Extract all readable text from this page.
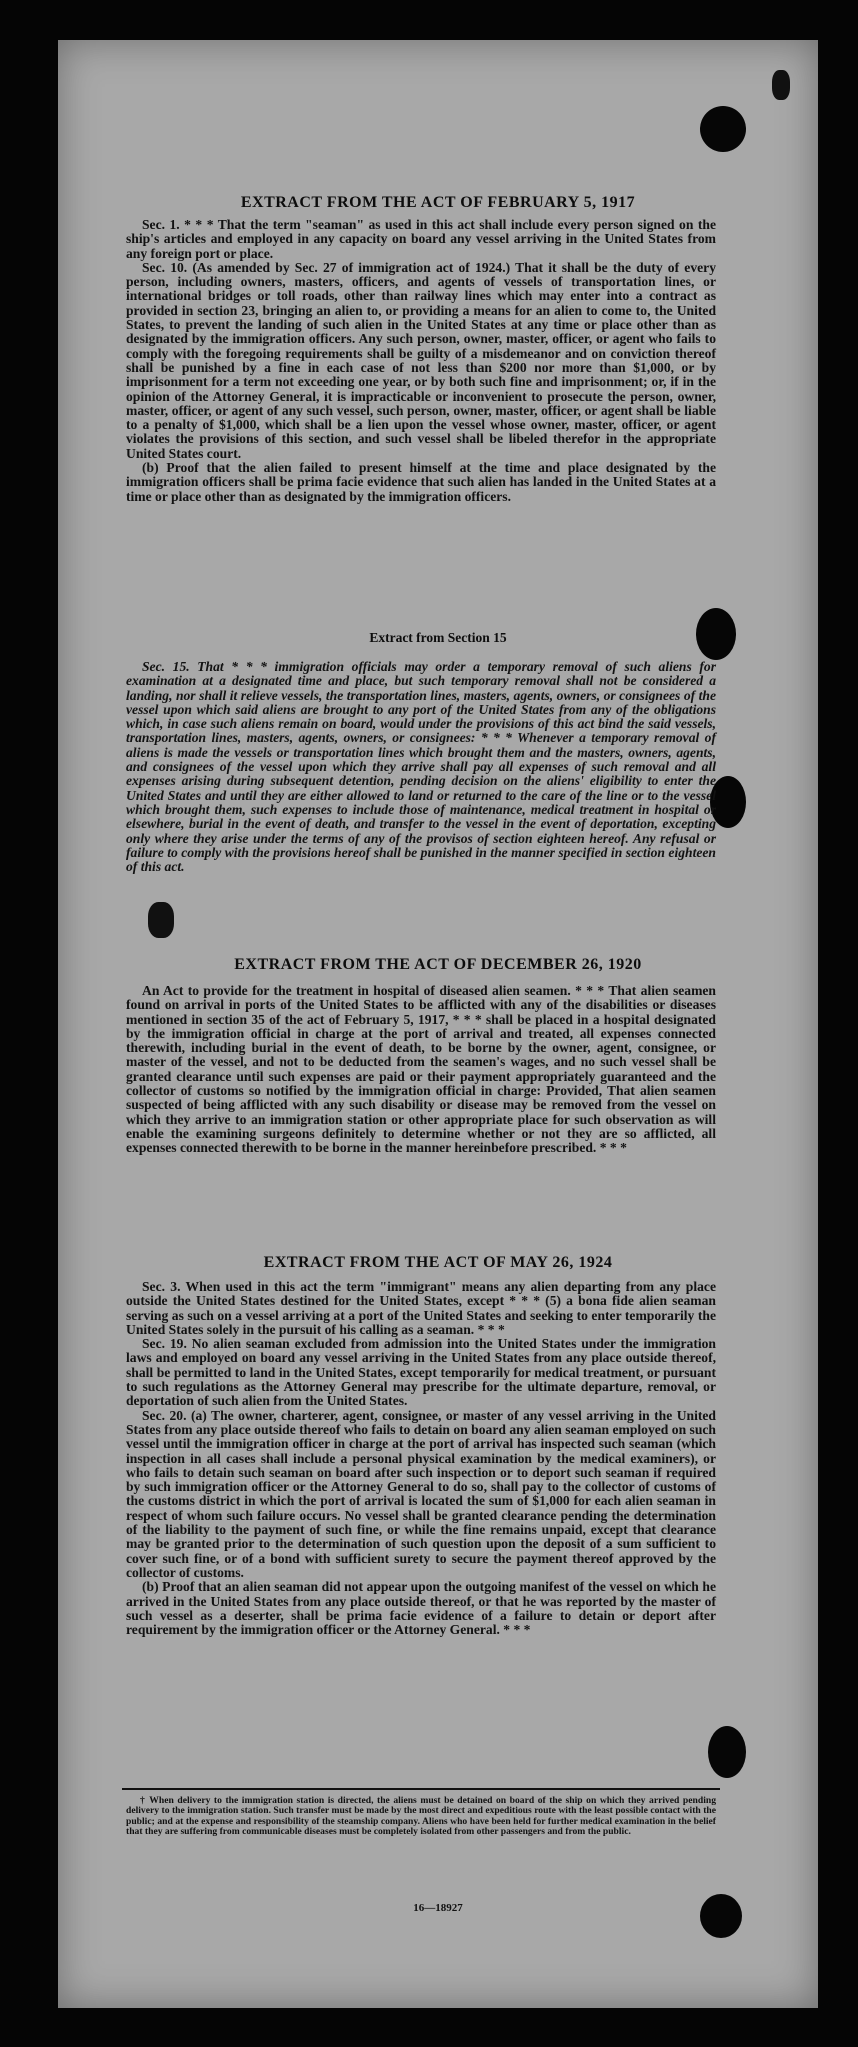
EXTRACT FROM THE ACT OF FEBRUARY 5, 1917

Sec. 1. * * * That the term "seaman" as used in this act shall include every person signed on the ship's articles and employed in any capacity on board any vessel arriving in the United States from any foreign port or place.

Sec. 10. (As amended by Sec. 27 of immigration act of 1924.) That it shall be the duty of every person, including owners, masters, officers, and agents of vessels of transportation lines, or international bridges or toll roads, other than railway lines which may enter into a contract as provided in section 23, bringing an alien to, or providing a means for an alien to come to, the United States, to prevent the landing of such alien in the United States at any time or place other than as designated by the immigration officers. Any such person, owner, master, officer, or agent who fails to comply with the foregoing requirements shall be guilty of a misdemeanor and on conviction thereof shall be punished by a fine in each case of not less than $200 nor more than $1,000, or by imprisonment for a term not exceeding one year, or by both such fine and imprisonment; or, if in the opinion of the Attorney General, it is impracticable or inconvenient to prosecute the person, owner, master, officer, or agent of any such vessel, such person, owner, master, officer, or agent shall be liable to a penalty of $1,000, which shall be a lien upon the vessel whose owner, master, officer, or agent violates the provisions of this section, and such vessel shall be libeled therefor in the appropriate United States court.

(b) Proof that the alien failed to present himself at the time and place designated by the immigration officers shall be prima facie evidence that such alien has landed in the United States at a time or place other than as designated by the immigration officers.

Extract from Section 15

Sec. 15. That * * * immigration officials may order a temporary removal of such aliens for examination at a designated time and place, but such temporary removal shall not be considered a landing, nor shall it relieve vessels, the transportation lines, masters, agents, owners, or consignees of the vessel upon which said aliens are brought to any port of the United States from any of the obligations which, in case such aliens remain on board, would under the provisions of this act bind the said vessels, transportation lines, masters, agents, owners, or consignees: * * * Whenever a temporary removal of aliens is made the vessels or transportation lines which brought them and the masters, owners, agents, and consignees of the vessel upon which they arrive shall pay all expenses of such removal and all expenses arising during subsequent detention, pending decision on the aliens' eligibility to enter the United States and until they are either allowed to land or returned to the care of the line or to the vessel which brought them, such expenses to include those of maintenance, medical treatment in hospital or elsewhere, burial in the event of death, and transfer to the vessel in the event of deportation, excepting only where they arise under the terms of any of the provisos of section eighteen hereof. Any refusal or failure to comply with the provisions hereof shall be punished in the manner specified in section eighteen of this act.

EXTRACT FROM THE ACT OF DECEMBER 26, 1920

An Act to provide for the treatment in hospital of diseased alien seamen. * * * That alien seamen found on arrival in ports of the United States to be afflicted with any of the disabilities or diseases mentioned in section 35 of the act of February 5, 1917, * * * shall be placed in a hospital designated by the immigration official in charge at the port of arrival and treated, all expenses connected therewith, including burial in the event of death, to be borne by the owner, agent, consignee, or master of the vessel, and not to be deducted from the seamen's wages, and no such vessel shall be granted clearance until such expenses are paid or their payment appropriately guaranteed and the collector of customs so notified by the immigration official in charge: Provided, That alien seamen suspected of being afflicted with any such disability or disease may be removed from the vessel on which they arrive to an immigration station or other appropriate place for such observation as will enable the examining surgeons definitely to determine whether or not they are so afflicted, all expenses connected therewith to be borne in the manner hereinbefore prescribed. * * *

EXTRACT FROM THE ACT OF MAY 26, 1924

Sec. 3. When used in this act the term "immigrant" means any alien departing from any place outside the United States destined for the United States, except * * * (5) a bona fide alien seaman serving as such on a vessel arriving at a port of the United States and seeking to enter temporarily the United States solely in the pursuit of his calling as a seaman. * * *

Sec. 19. No alien seaman excluded from admission into the United States under the immigration laws and employed on board any vessel arriving in the United States from any place outside thereof, shall be permitted to land in the United States, except temporarily for medical treatment, or pursuant to such regulations as the Attorney General may prescribe for the ultimate departure, removal, or deportation of such alien from the United States.

Sec. 20. (a) The owner, charterer, agent, consignee, or master of any vessel arriving in the United States from any place outside thereof who fails to detain on board any alien seaman employed on such vessel until the immigration officer in charge at the port of arrival has inspected such seaman (which inspection in all cases shall include a personal physical examination by the medical examiners), or who fails to detain such seaman on board after such inspection or to deport such seaman if required by such immigration officer or the Attorney General to do so, shall pay to the collector of customs of the customs district in which the port of arrival is located the sum of $1,000 for each alien seaman in respect of whom such failure occurs. No vessel shall be granted clearance pending the determination of the liability to the payment of such fine, or while the fine remains unpaid, except that clearance may be granted prior to the determination of such question upon the deposit of a sum sufficient to cover such fine, or of a bond with sufficient surety to secure the payment thereof approved by the collector of customs.

(b) Proof that an alien seaman did not appear upon the outgoing manifest of the vessel on which he arrived in the United States from any place outside thereof, or that he was reported by the master of such vessel as a deserter, shall be prima facie evidence of a failure to detain or deport after requirement by the immigration officer or the Attorney General. * * *

† When delivery to the immigration station is directed, the aliens must be detained on board of the ship on which they arrived pending delivery to the immigration station. Such transfer must be made by the most direct and expeditious route with the least possible contact with the public; and at the expense and responsibility of the steamship company. Aliens who have been held for further medical examination in the belief that they are suffering from communicable diseases must be completely isolated from other passengers and from the public.

16—18927
